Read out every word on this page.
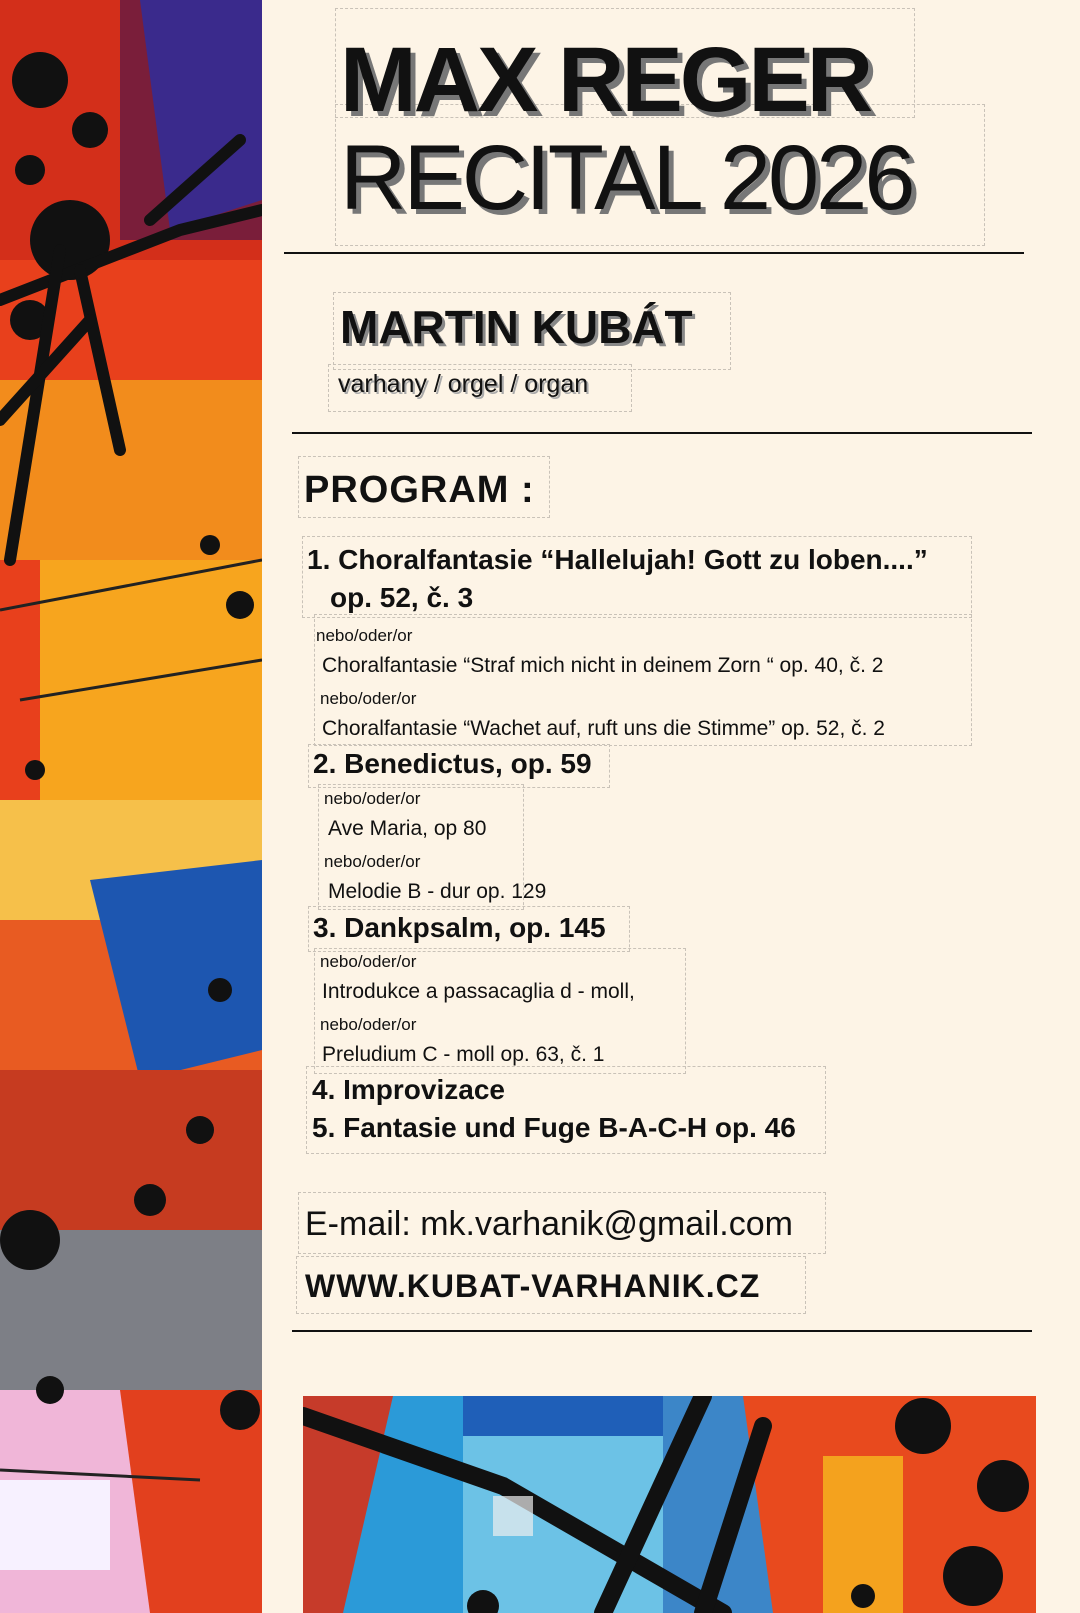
MAX REGER
RECITAL 2026
MARTIN KUBÁT
varhany / orgel / organ
PROGRAM :
1. Choralfantasie “Hallelujah! Gott zu loben....”
op. 52, č. 3
nebo/oder/or
Choralfantasie “Straf mich nicht in deinem Zorn “ op. 40, č. 2
nebo/oder/or
Choralfantasie “Wachet auf, ruft uns die Stimme” op. 52, č. 2
2. Benedictus, op. 59
nebo/oder/or
Ave Maria, op 80
nebo/oder/or
Melodie B - dur op. 129
3. Dankpsalm, op. 145
nebo/oder/or
Introdukce a passacaglia d - moll,
nebo/oder/or
Preludium C - moll op. 63, č. 1
4. Improvizace
5. Fantasie und Fuge B-A-C-H op. 46
E-mail: mk.varhanik@gmail.com
WWW.KUBAT-VARHANIK.CZ
